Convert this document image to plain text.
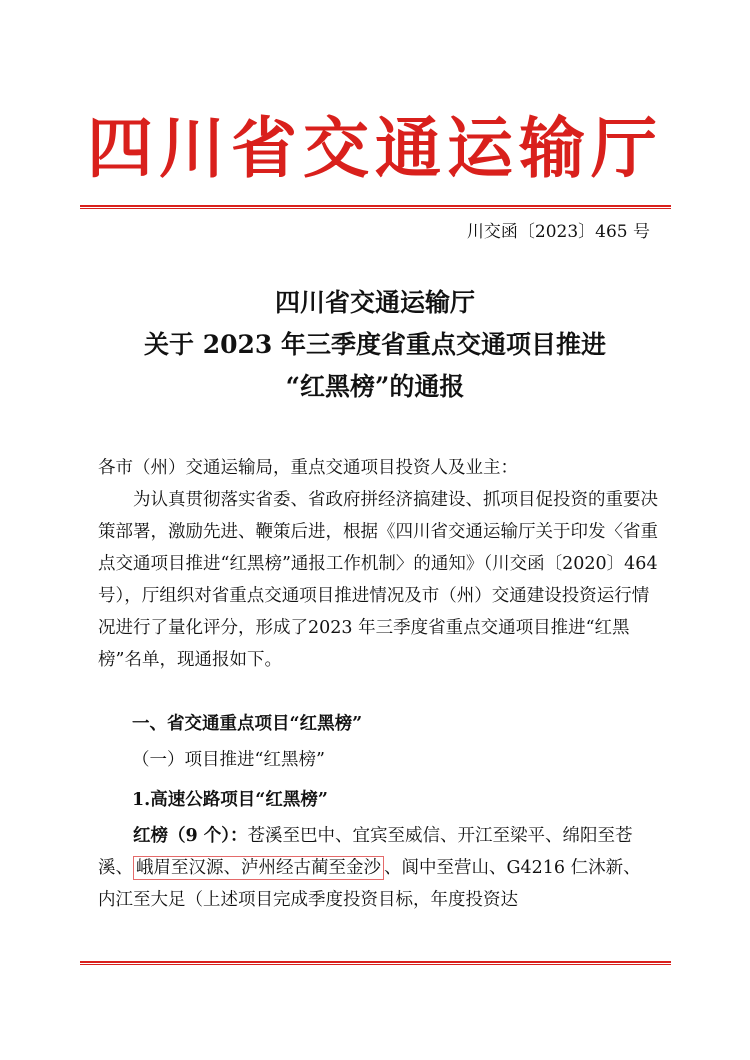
四川省交通运输厅
川交函〔2023〕465 号
四川省交通运输厅
关于 2023 年三季度省重点交通项目推进
“红黑榜”的通报
各市（州）交通运输局，重点交通项目投资人及业主：
为认真贯彻落实省委、省政府拼经济搞建设、抓项目促投资的重要决策部署，激励先进、鞭策后进，根据《四川省交通运输厅关于印发〈省重点交通项目推进“红黑榜”通报工作机制〉的通知》（川交函〔2020〕464 号），厅组织对省重点交通项目推进情况及市（州）交通建设投资运行情况进行了量化评分，形成了2023 年三季度省重点交通项目推进“红黑榜”名单，现通报如下。
一、省交通重点项目“红黑榜”
（一）项目推进“红黑榜”
1.高速公路项目“红黑榜”
红榜（9 个）：苍溪至巴中、宜宾至威信、开江至梁平、绵阳至苍溪、 峨眉至汉源、泸州经古蔺至金沙 、阆中至营山、G4216 仁沐新、内江至大足（上述项目完成季度投资目标，年度投资达
